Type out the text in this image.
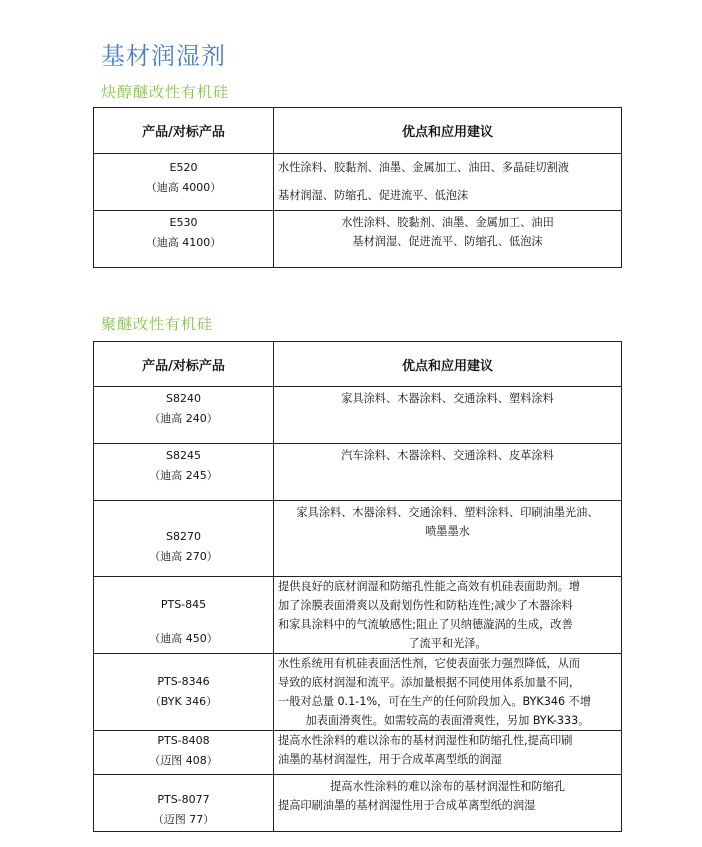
基材润湿剂
炔醇醚改性有机硅
产品/对标产品	优点和应用建议

E520
（迪高 4000）	水性涂料、胶黏剂、油墨、金属加工、油田、多晶硅切割液
基材润湿、防缩孔、促进流平、低泡沫

E530
（迪高 4100）	水性涂料、胶黏剂、油墨、金属加工、油田
基材润湿、促进流平、防缩孔、低泡沫
聚醚改性有机硅
产品/对标产品	优点和应用建议

S8240
（迪高 240）	家具涂料、木器涂料、交通涂料、塑料涂料

S8245
（迪高 245）	汽车涂料、木器涂料、交通涂料、皮革涂料

S8270
（迪高 270）	家具涂料、木器涂料、交通涂料、塑料涂料、印刷油墨光油、
喷墨墨水

PTS-845
（迪高 450）	提供良好的底材润湿和防缩孔性能之高效有机硅表面助剂。增
加了涂膜表面滑爽以及耐划伤性和防粘连性;减少了木器涂料
和家具涂料中的气流敏感性;阻止了贝纳德漩涡的生成，改善
了流平和光泽。

PTS-8346
（BYK 346）	水性系统用有机硅表面活性剂，它使表面张力强烈降低，从而
导致的底材润湿和流平。添加量根据不同使用体系加量不同，
一般对总量 0.1-1%，可在生产的任何阶段加入。BYK346 不增
加表面滑爽性。如需较高的表面滑爽性，另加 BYK-333。

PTS-8408
（迈图 408）	提高水性涂料的难以涂布的基材润湿性和防缩孔性,提高印刷
油墨的基材润湿性，用于合成革离型纸的润湿

PTS-8077
（迈图 77）	提高水性涂料的难以涂布的基材润湿性和防缩孔
提高印刷油墨的基材润湿性用于合成革离型纸的润湿
